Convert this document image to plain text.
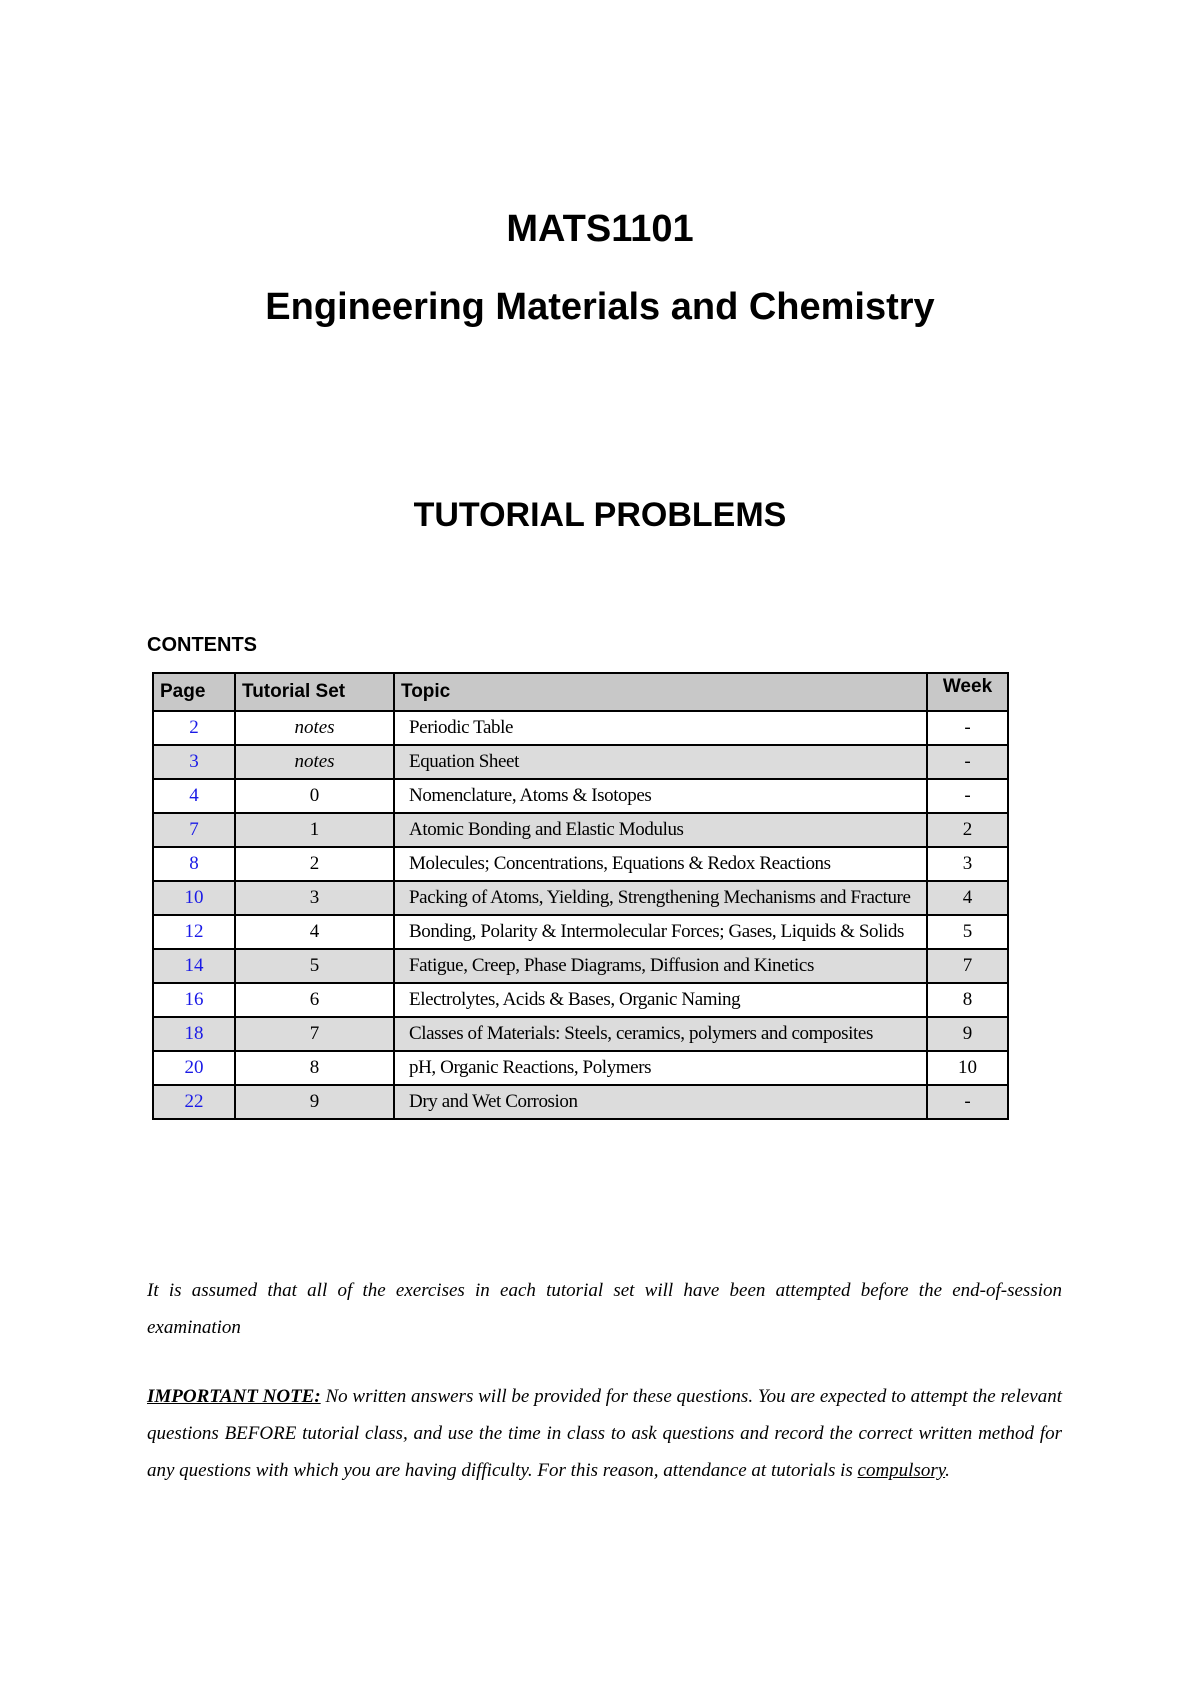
MATS1101
Engineering Materials and Chemistry
TUTORIAL PROBLEMS
CONTENTS
Page	Tutorial Set	Topic	Week
2	notes	Periodic Table	-
3	notes	Equation Sheet	-
4	0	Nomenclature, Atoms & Isotopes	-
7	1	Atomic Bonding and Elastic Modulus	2
8	2	Molecules; Concentrations, Equations & Redox Reactions	3
10	3	Packing of Atoms, Yielding, Strengthening Mechanisms and Fracture	4
12	4	Bonding, Polarity & Intermolecular Forces; Gases, Liquids & Solids	5
14	5	Fatigue, Creep, Phase Diagrams, Diffusion and Kinetics	7
16	6	Electrolytes, Acids & Bases, Organic Naming	8
18	7	Classes of Materials: Steels, ceramics, polymers and composites	9
20	8	pH, Organic Reactions, Polymers	10
22	9	Dry and Wet Corrosion	-

It is assumed that all of the exercises in each tutorial set will have been attempted before the end-of-session examination

IMPORTANT NOTE: No written answers will be provided for these questions. You are expected to attempt the relevant questions BEFORE tutorial class, and use the time in class to ask questions and record the correct written method for any questions with which you are having difficulty. For this reason, attendance at tutorials is compulsory.
